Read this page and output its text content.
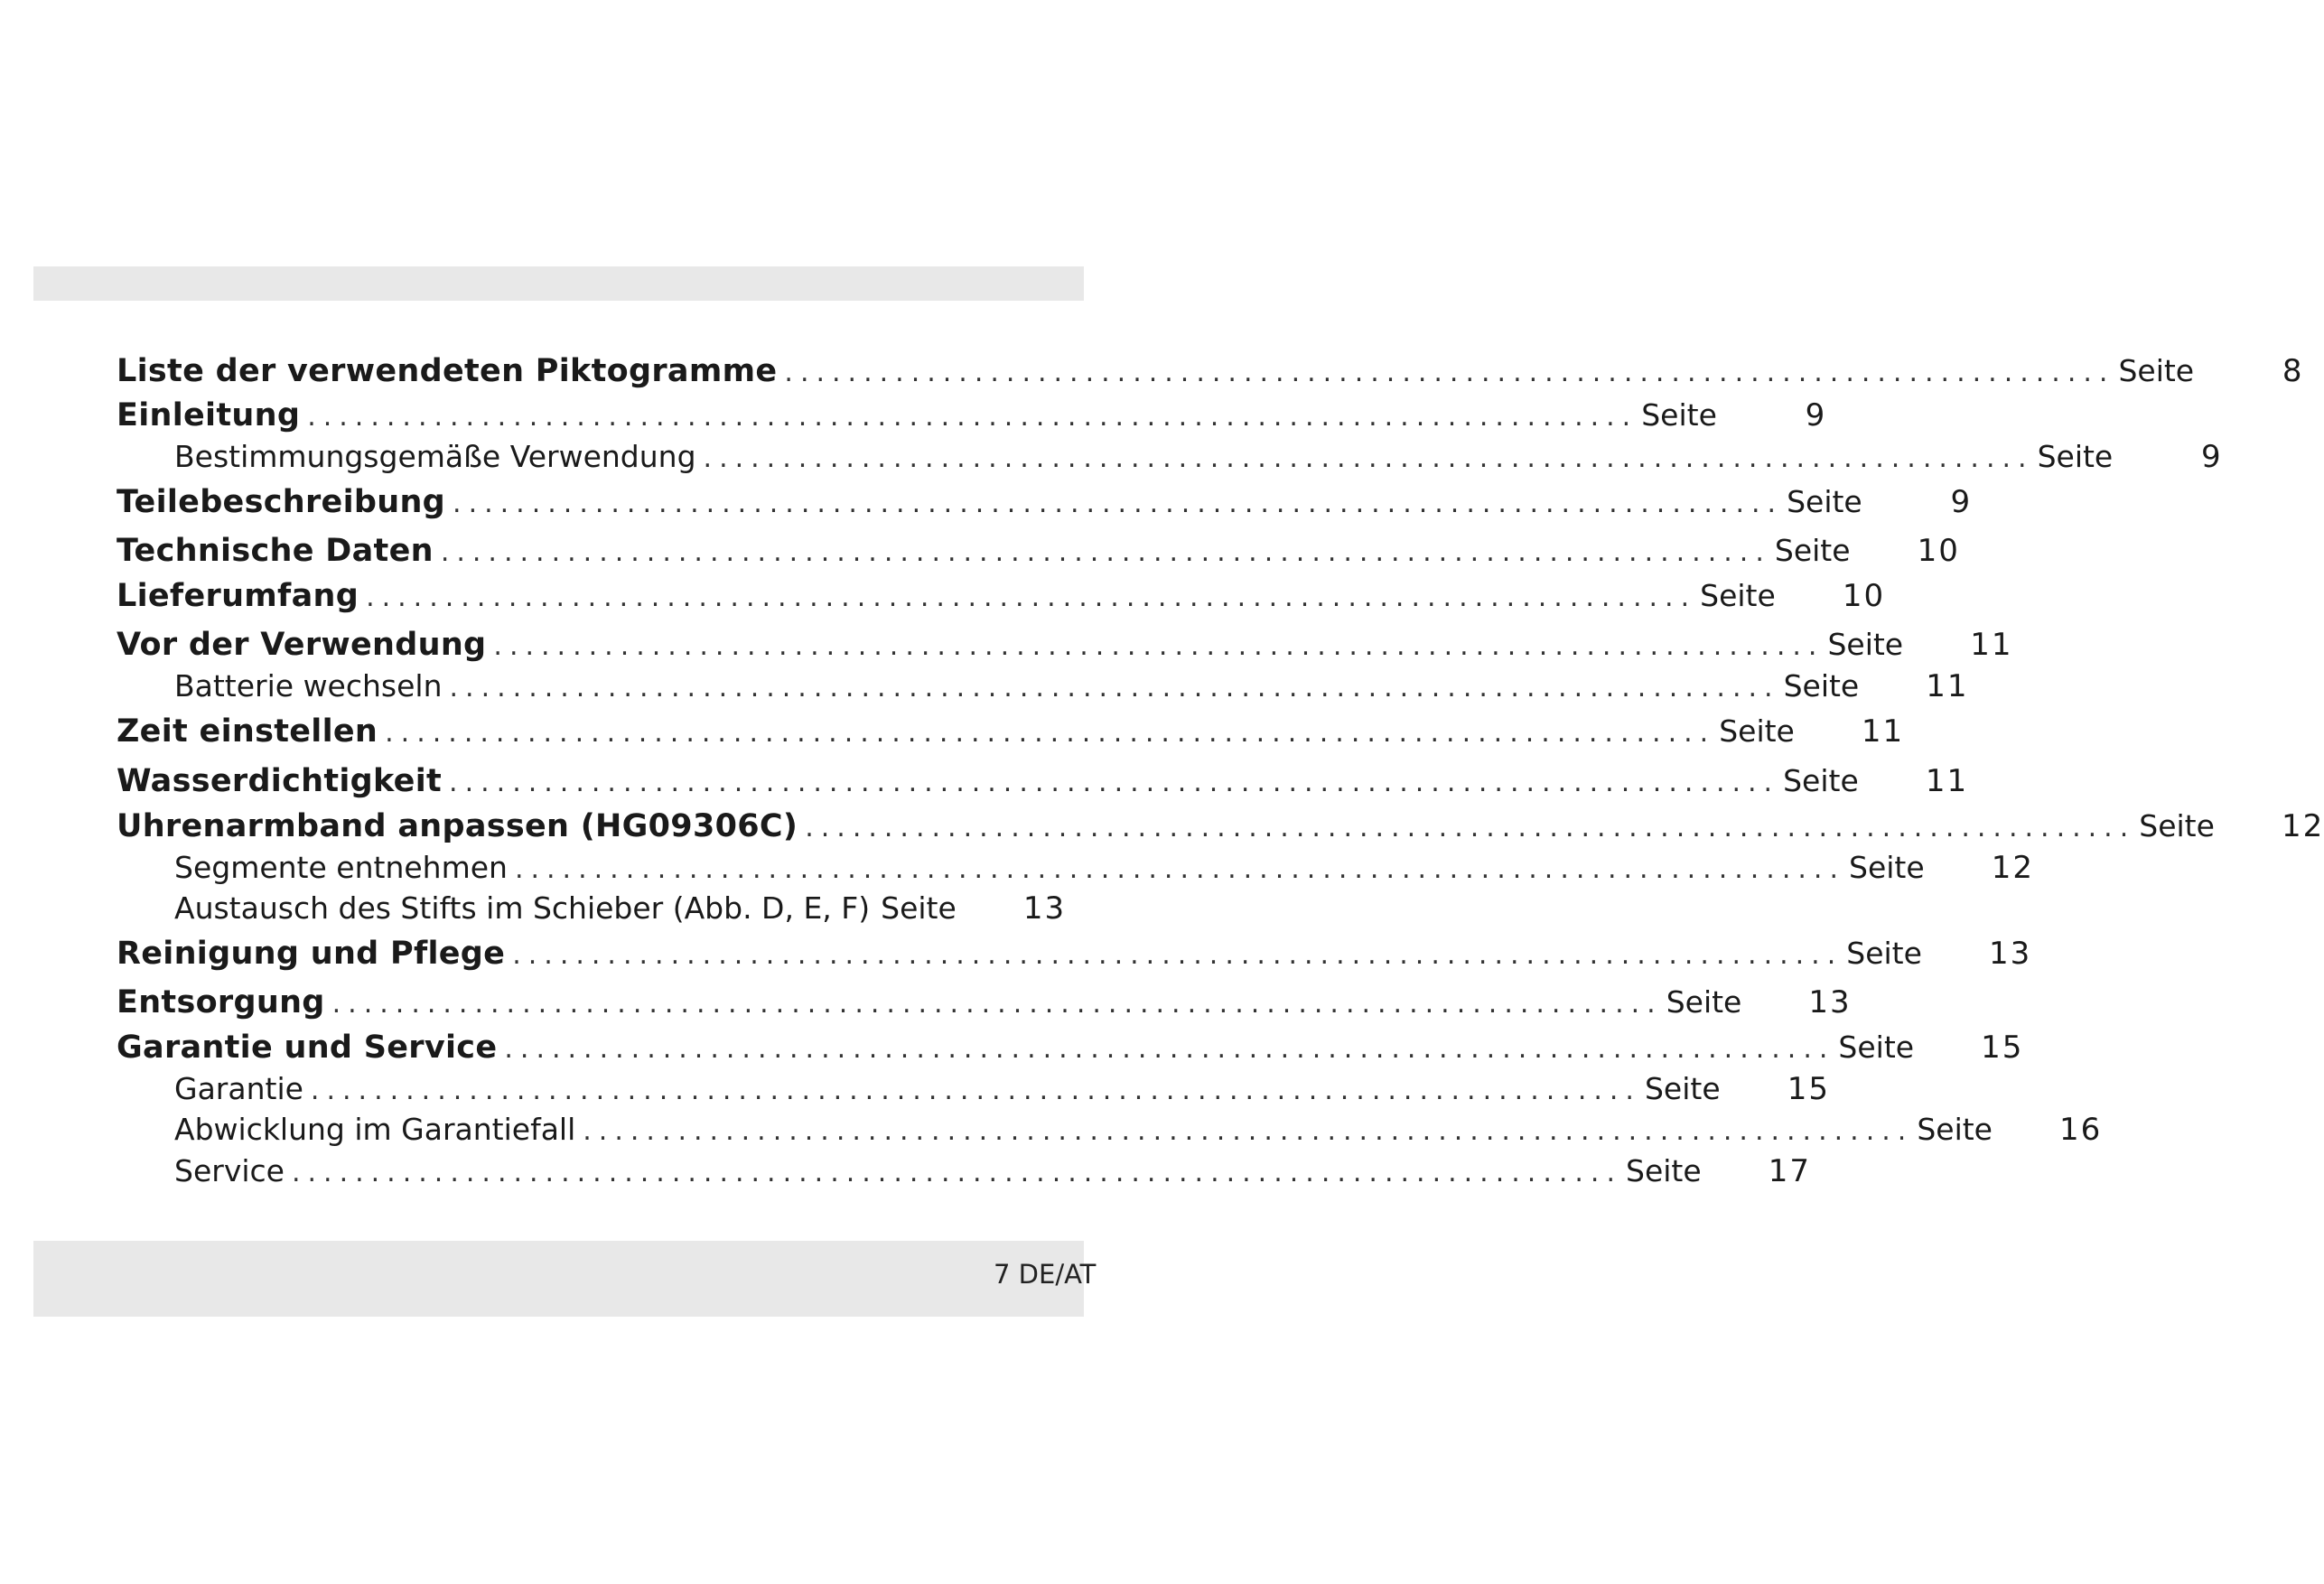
Liste der verwendeten Piktogramme .................................................................................... Seite	8
Einleitung .................................................................................... Seite	9
Bestimmungsgemäße Verwendung .................................................................................... Seite	9
Teilebeschreibung .................................................................................... Seite	9
Technische Daten .................................................................................... Seite	10
Lieferumfang .................................................................................... Seite	10
Vor der Verwendung .................................................................................... Seite	11
Batterie wechseln .................................................................................... Seite	11
Zeit einstellen .................................................................................... Seite	11
Wasserdichtigkeit .................................................................................... Seite	11
Uhrenarmband anpassen (HG09306C) .................................................................................... Seite	12
Segmente entnehmen .................................................................................... Seite	12
Austausch des Stifts im Schieber (Abb. D, E, F) Seite	13
Reinigung und Pflege .................................................................................... Seite	13
Entsorgung .................................................................................... Seite	13
Garantie und Service .................................................................................... Seite	15
Garantie .................................................................................... Seite	15
Abwicklung im Garantiefall .................................................................................... Seite	16
Service .................................................................................... Seite	17
7 DE/AT
